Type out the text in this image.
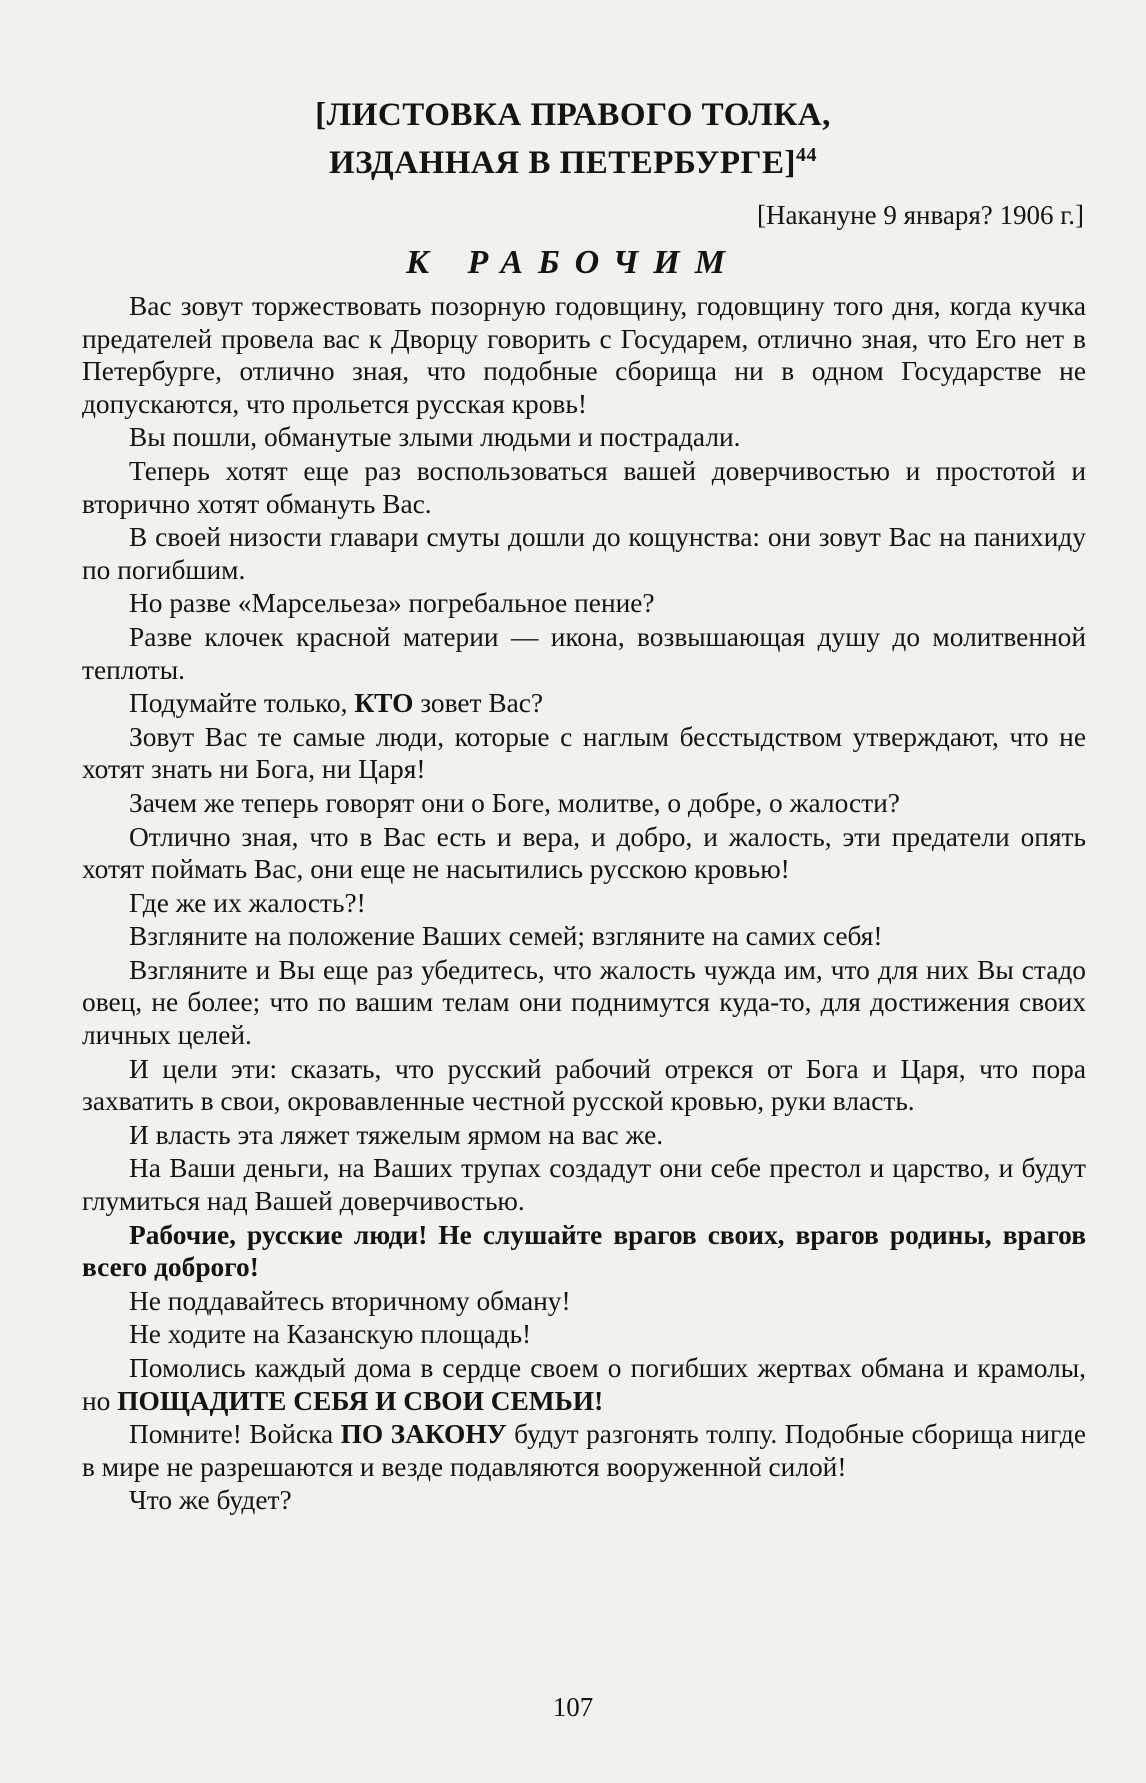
[ЛИСТОВКА ПРАВОГО ТОЛКА,
ИЗДАННАЯ В ПЕТЕРБУРГЕ]$^{44}$
[Накануне 9 января? 1906 г.]
К РАБОЧИМ
Вас зовут торжествовать позорную годовщину, годовщину того дня, когда кучка предателей провела вас к Дворцу говорить с Государем, отлично зная, что Его нет в Петербурге, отлично зная, что подобные сборища ни в одном Государстве не допускаются, что прольется русская кровь!
Вы пошли, обманутые злыми людьми и пострадали.
Теперь хотят еще раз воспользоваться вашей доверчивостью и простотой и вторично хотят обмануть Вас.
В своей низости главари смуты дошли до кощунства: они зовут Вас на панихиду по погибшим.
Но разве «Марсельеза» погребальное пение?
Разве клочек красной материи — икона, возвышающая душу до молитвенной теплоты.
Подумайте только, КТО зовет Вас?
Зовут Вас те самые люди, которые с наглым бесстыдством утверждают, что не хотят знать ни Бога, ни Царя!
Зачем же теперь говорят они о Боге, молитве, о добре, о жалости?
Отлично зная, что в Вас есть и вера, и добро, и жалость, эти предатели опять хотят поймать Вас, они еще не насытились русскою кровью!
Где же их жалость?!
Взгляните на положение Ваших семей; взгляните на самих себя!
Взгляните и Вы еще раз убедитесь, что жалость чужда им, что для них Вы стадо овец, не более; что по вашим телам они поднимутся куда-то, для достижения своих личных целей.
И цели эти: сказать, что русский рабочий отрекся от Бога и Царя, что пора захватить в свои, окровавленные честной русской кровью, руки власть.
И власть эта ляжет тяжелым ярмом на вас же.
На Ваши деньги, на Ваших трупах создадут они себе престол и царство, и будут глумиться над Вашей доверчивостью.
Рабочие, русские люди! Не слушайте врагов своих, врагов родины, врагов всего доброго!
Не поддавайтесь вторичному обману!
Не ходите на Казанскую площадь!
Помолись каждый дома в сердце своем о погибших жертвах обмана и крамолы, но ПОЩАДИТЕ СЕБЯ И СВОИ СЕМЬИ!
Помните! Войска ПО ЗАКОНУ будут разгонять толпу. Подобные сборища нигде в мире не разрешаются и везде подавляются вооруженной силой!
Что же будет?
107
